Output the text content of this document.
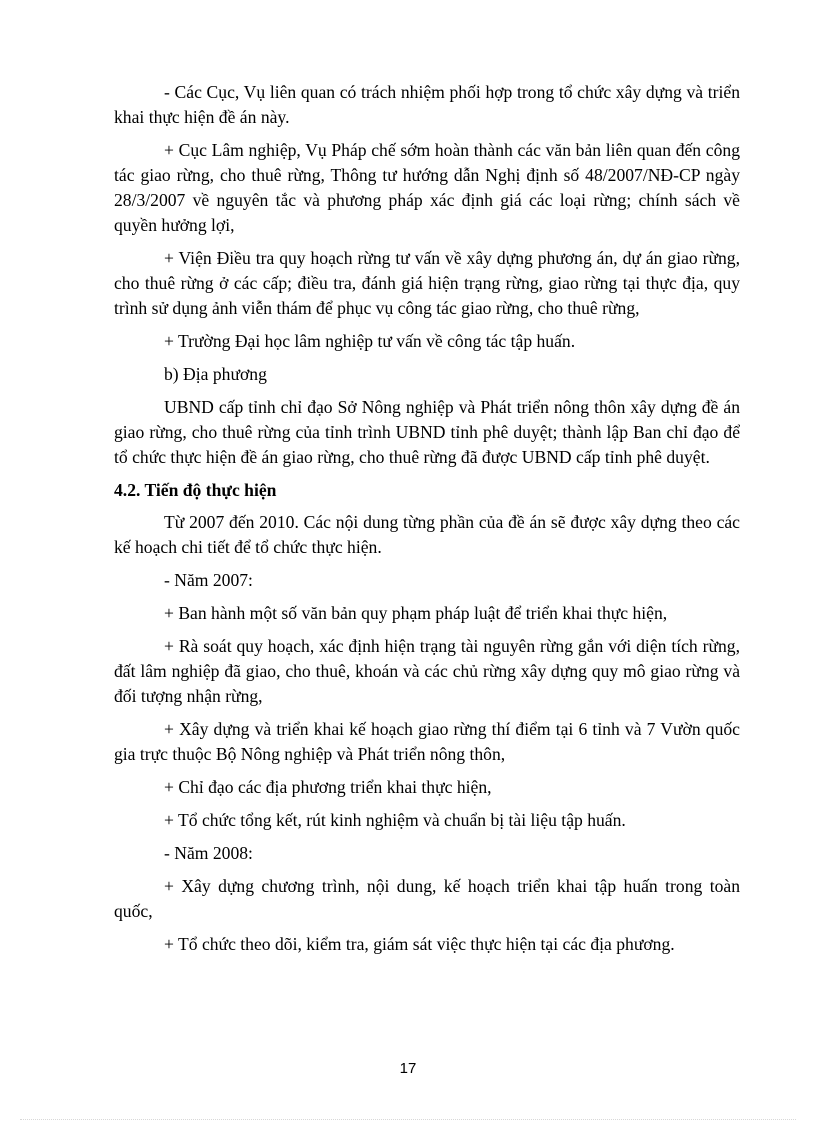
- Các Cục, Vụ liên quan có trách nhiệm phối hợp trong tổ chức xây dựng và triển khai thực hiện đề án này.

+ Cục Lâm nghiệp, Vụ Pháp chế sớm hoàn thành các văn bản liên quan đến công tác giao rừng, cho thuê rừng, Thông tư hướng dẫn Nghị định số 48/2007/NĐ-CP ngày 28/3/2007 về nguyên tắc và phương pháp xác định giá các loại rừng; chính sách về quyền hưởng lợi,

+ Viện Điều tra quy hoạch rừng tư vấn về xây dựng phương án, dự án giao rừng, cho thuê rừng ở các cấp; điều tra, đánh giá hiện trạng rừng, giao rừng tại thực địa, quy trình sử dụng ảnh viễn thám để phục vụ công tác giao rừng, cho thuê rừng,

+ Trường Đại học lâm nghiệp tư vấn về công tác tập huấn.

b) Địa phương

UBND cấp tỉnh chỉ đạo Sở Nông nghiệp và Phát triển nông thôn xây dựng đề án giao rừng, cho thuê rừng của tỉnh trình UBND tỉnh phê duyệt; thành lập Ban chỉ đạo để tổ chức thực hiện đề án giao rừng, cho thuê rừng đã được UBND cấp tỉnh phê duyệt.

4.2. Tiến độ thực hiện

Từ 2007 đến 2010. Các nội dung từng phần của đề án sẽ được xây dựng theo các kế hoạch chi tiết để tổ chức thực hiện.

- Năm 2007:

+ Ban hành một số văn bản quy phạm pháp luật để triển khai thực hiện,

+ Rà soát quy hoạch, xác định hiện trạng tài nguyên rừng gắn với diện tích rừng, đất lâm nghiệp đã giao, cho thuê, khoán và các chủ rừng xây dựng quy mô giao rừng và đối tượng nhận rừng,

+ Xây dựng và triển khai kế hoạch giao rừng thí điểm tại 6 tỉnh và 7 Vườn quốc gia trực thuộc Bộ Nông nghiệp và Phát triển nông thôn,

+ Chỉ đạo các địa phương triển khai thực hiện,

+ Tổ chức tổng kết, rút kinh nghiệm và chuẩn bị tài liệu tập huấn.

- Năm 2008:

+ Xây dựng chương trình, nội dung, kế hoạch triển khai tập huấn trong toàn quốc,

+ Tổ chức theo dõi, kiểm tra, giám sát việc thực hiện tại các địa phương.

17
